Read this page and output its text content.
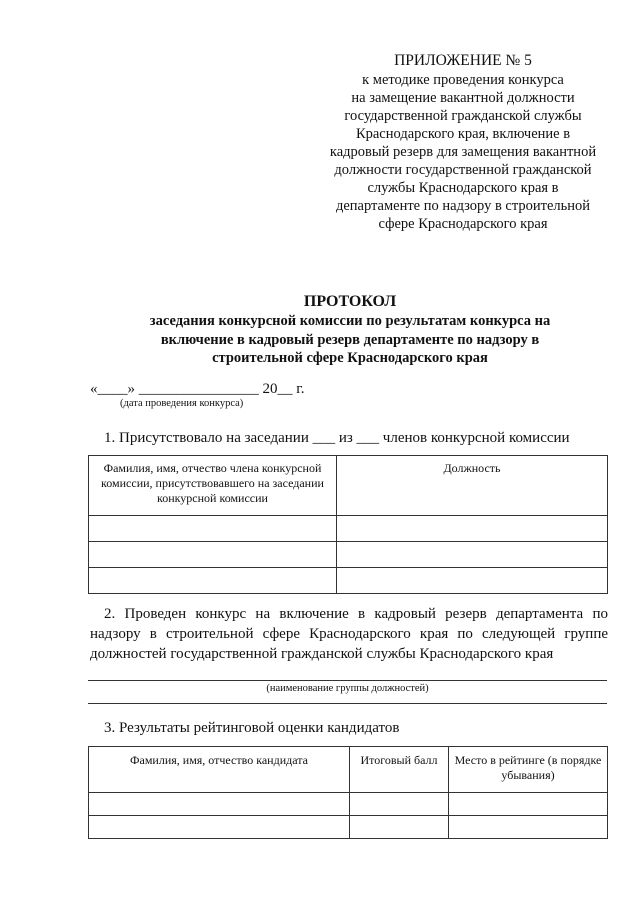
ПРИЛОЖЕНИЕ № 5
к методике проведения конкурса
на замещение вакантной должности
государственной гражданской службы
Краснодарского края, включение в
кадровый резерв для замещения вакантной
должности государственной гражданской
службы Краснодарского края в
департаменте по надзору в строительной
сфере Краснодарского края
ПРОТОКОЛ
заседания конкурсной комиссии по результатам конкурса на
включение в кадровый резерв департаменте по надзору в
строительной сфере Краснодарского края
«____» ________________ 20__ г.
(дата проведения конкурса)
1. Присутствовало на заседании ___ из ___ членов конкурсной комиссии
Фамилия, имя, отчество члена конкурсной комиссии, присутствовавшего на заседании конкурсной комиссии	Должность

2. Проведен конкурс на включение в кадровый резерв департамента по надзору в строительной сфере Краснодарского края по следующей группе должностей государственной гражданской службы Краснодарского края
(наименование группы должностей)
3. Результаты рейтинговой оценки кандидатов
Фамилия, имя, отчество кандидата	Итоговый балл	Место в рейтинге (в порядке убывания)
